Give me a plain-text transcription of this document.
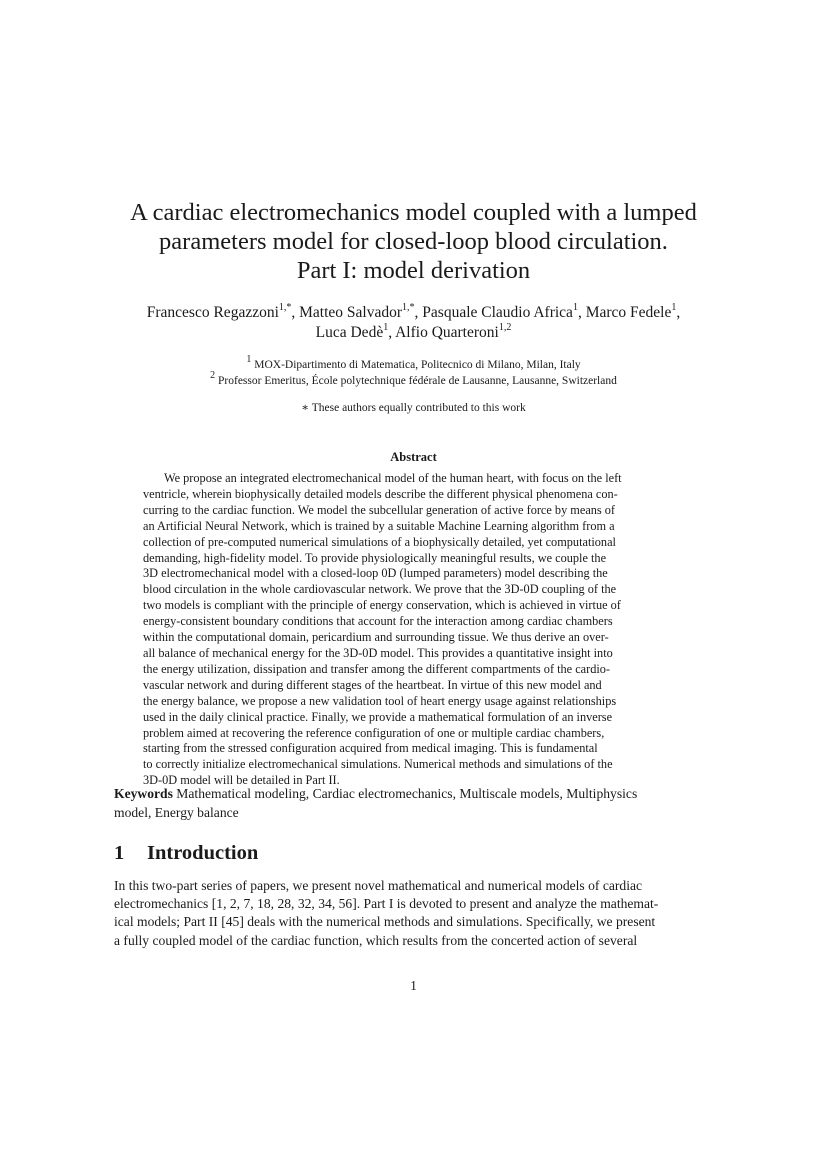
A cardiac electromechanics model coupled with a lumped
parameters model for closed-loop blood circulation.
Part I: model derivation
Francesco Regazzoni$^{1,*}$, Matteo Salvador$^{1,*}$, Pasquale Claudio Africa$^1$, Marco Fedele$^1$,
Luca Dedè$^1$, Alfio Quarteroni$^{1,2}$
$^1$ MOX-Dipartimento di Matematica, Politecnico di Milano, Milan, Italy
$^2$ Professor Emeritus, École polytechnique fédérale de Lausanne, Lausanne, Switzerland
∗ These authors equally contributed to this work
Abstract
We propose an integrated electromechanical model of the human heart, with focus on the left
ventricle, wherein biophysically detailed models describe the different physical phenomena con-
curring to the cardiac function. We model the subcellular generation of active force by means of
an Artificial Neural Network, which is trained by a suitable Machine Learning algorithm from a
collection of pre-computed numerical simulations of a biophysically detailed, yet computational
demanding, high-fidelity model. To provide physiologically meaningful results, we couple the
3D electromechanical model with a closed-loop 0D (lumped parameters) model describing the
blood circulation in the whole cardiovascular network. We prove that the 3D-0D coupling of the
two models is compliant with the principle of energy conservation, which is achieved in virtue of
energy-consistent boundary conditions that account for the interaction among cardiac chambers
within the computational domain, pericardium and surrounding tissue. We thus derive an over-
all balance of mechanical energy for the 3D-0D model. This provides a quantitative insight into
the energy utilization, dissipation and transfer among the different compartments of the cardio-
vascular network and during different stages of the heartbeat. In virtue of this new model and
the energy balance, we propose a new validation tool of heart energy usage against relationships
used in the daily clinical practice. Finally, we provide a mathematical formulation of an inverse
problem aimed at recovering the reference configuration of one or multiple cardiac chambers,
starting from the stressed configuration acquired from medical imaging. This is fundamental
to correctly initialize electromechanical simulations. Numerical methods and simulations of the
3D-0D model will be detailed in Part II.
Keywords Mathematical modeling, Cardiac electromechanics, Multiscale models, Multiphysics
model, Energy balance
1 Introduction
In this two-part series of papers, we present novel mathematical and numerical models of cardiac
electromechanics [1, 2, 7, 18, 28, 32, 34, 56]. Part I is devoted to present and analyze the mathemat-
ical models; Part II [45] deals with the numerical methods and simulations. Specifically, we present
a fully coupled model of the cardiac function, which results from the concerted action of several
1
